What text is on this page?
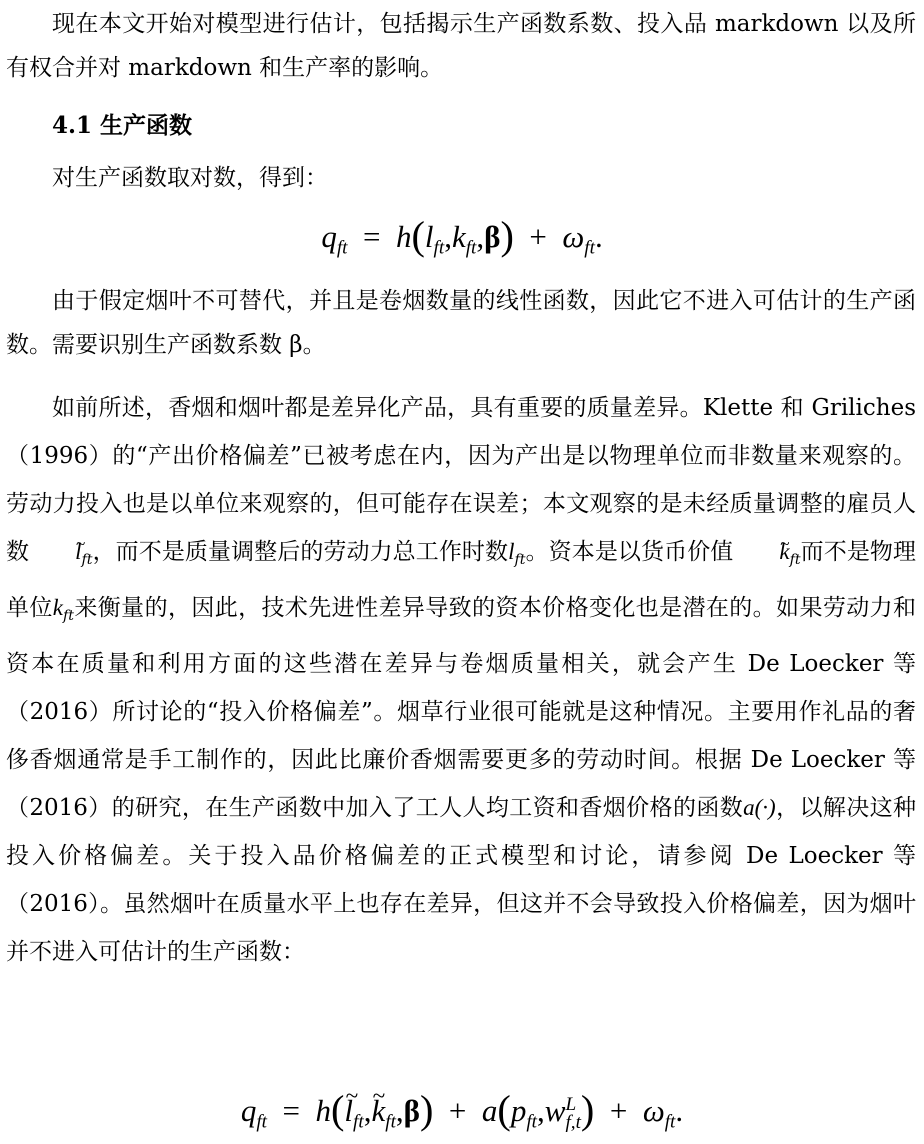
现在本文开始对模型进行估计，包括揭示生产函数系数、投入品 markdown 以及所有权合并对 markdown 和生产率的影响。

4.1 生产函数

对生产函数取对数，得到：

$q_{ft} = h(l_{ft},k_{ft},\beta) + \omega_{ft}$.

由于假定烟叶不可替代，并且是卷烟数量的线性函数，因此它不进入可估计的生产函数。需要识别生产函数系数 β。

如前所述，香烟和烟叶都是差异化产品，具有重要的质量差异。Klette 和 Griliches（1996）的“产出价格偏差”已被考虑在内，因为产出是以物理单位而非数量来观察的。劳动力投入也是以单位来观察的，但可能存在误差；本文观察的是未经质量调整的雇员人数 ~ $l_{ft}$，而不是质量调整后的劳动力总工作时数$l_{ft}$。资本是以货币价值 ~ $k_{ft}$而不是物理单位$k_{ft}$来衡量的，因此，技术先进性差异导致的资本价格变化也是潜在的。如果劳动力和资本在质量和利用方面的这些潜在差异与卷烟质量相关，就会产生 De Loecker 等（2016）所讨论的“投入价格偏差”。烟草行业很可能就是这种情况。主要用作礼品的奢侈香烟通常是手工制作的，因此比廉价香烟需要更多的劳动时间。根据 De Loecker 等（2016）的研究，在生产函数中加入了工人人均工资和香烟价格的函数a(·)，以解决这种投入价格偏差。关于投入品价格偏差的正式模型和讨论，请参阅 De Loecker 等（2016）。虽然烟叶在质量水平上也存在差异，但这并不会导致投入价格偏差，因为烟叶并不进入可估计的生产函数：

$q_{ft}$ = h(~ $l_{ft},\sim$ $k_{ft},\beta) + a(p_{ft},w$ L
f,t ) + $\omega_{ft}$.
